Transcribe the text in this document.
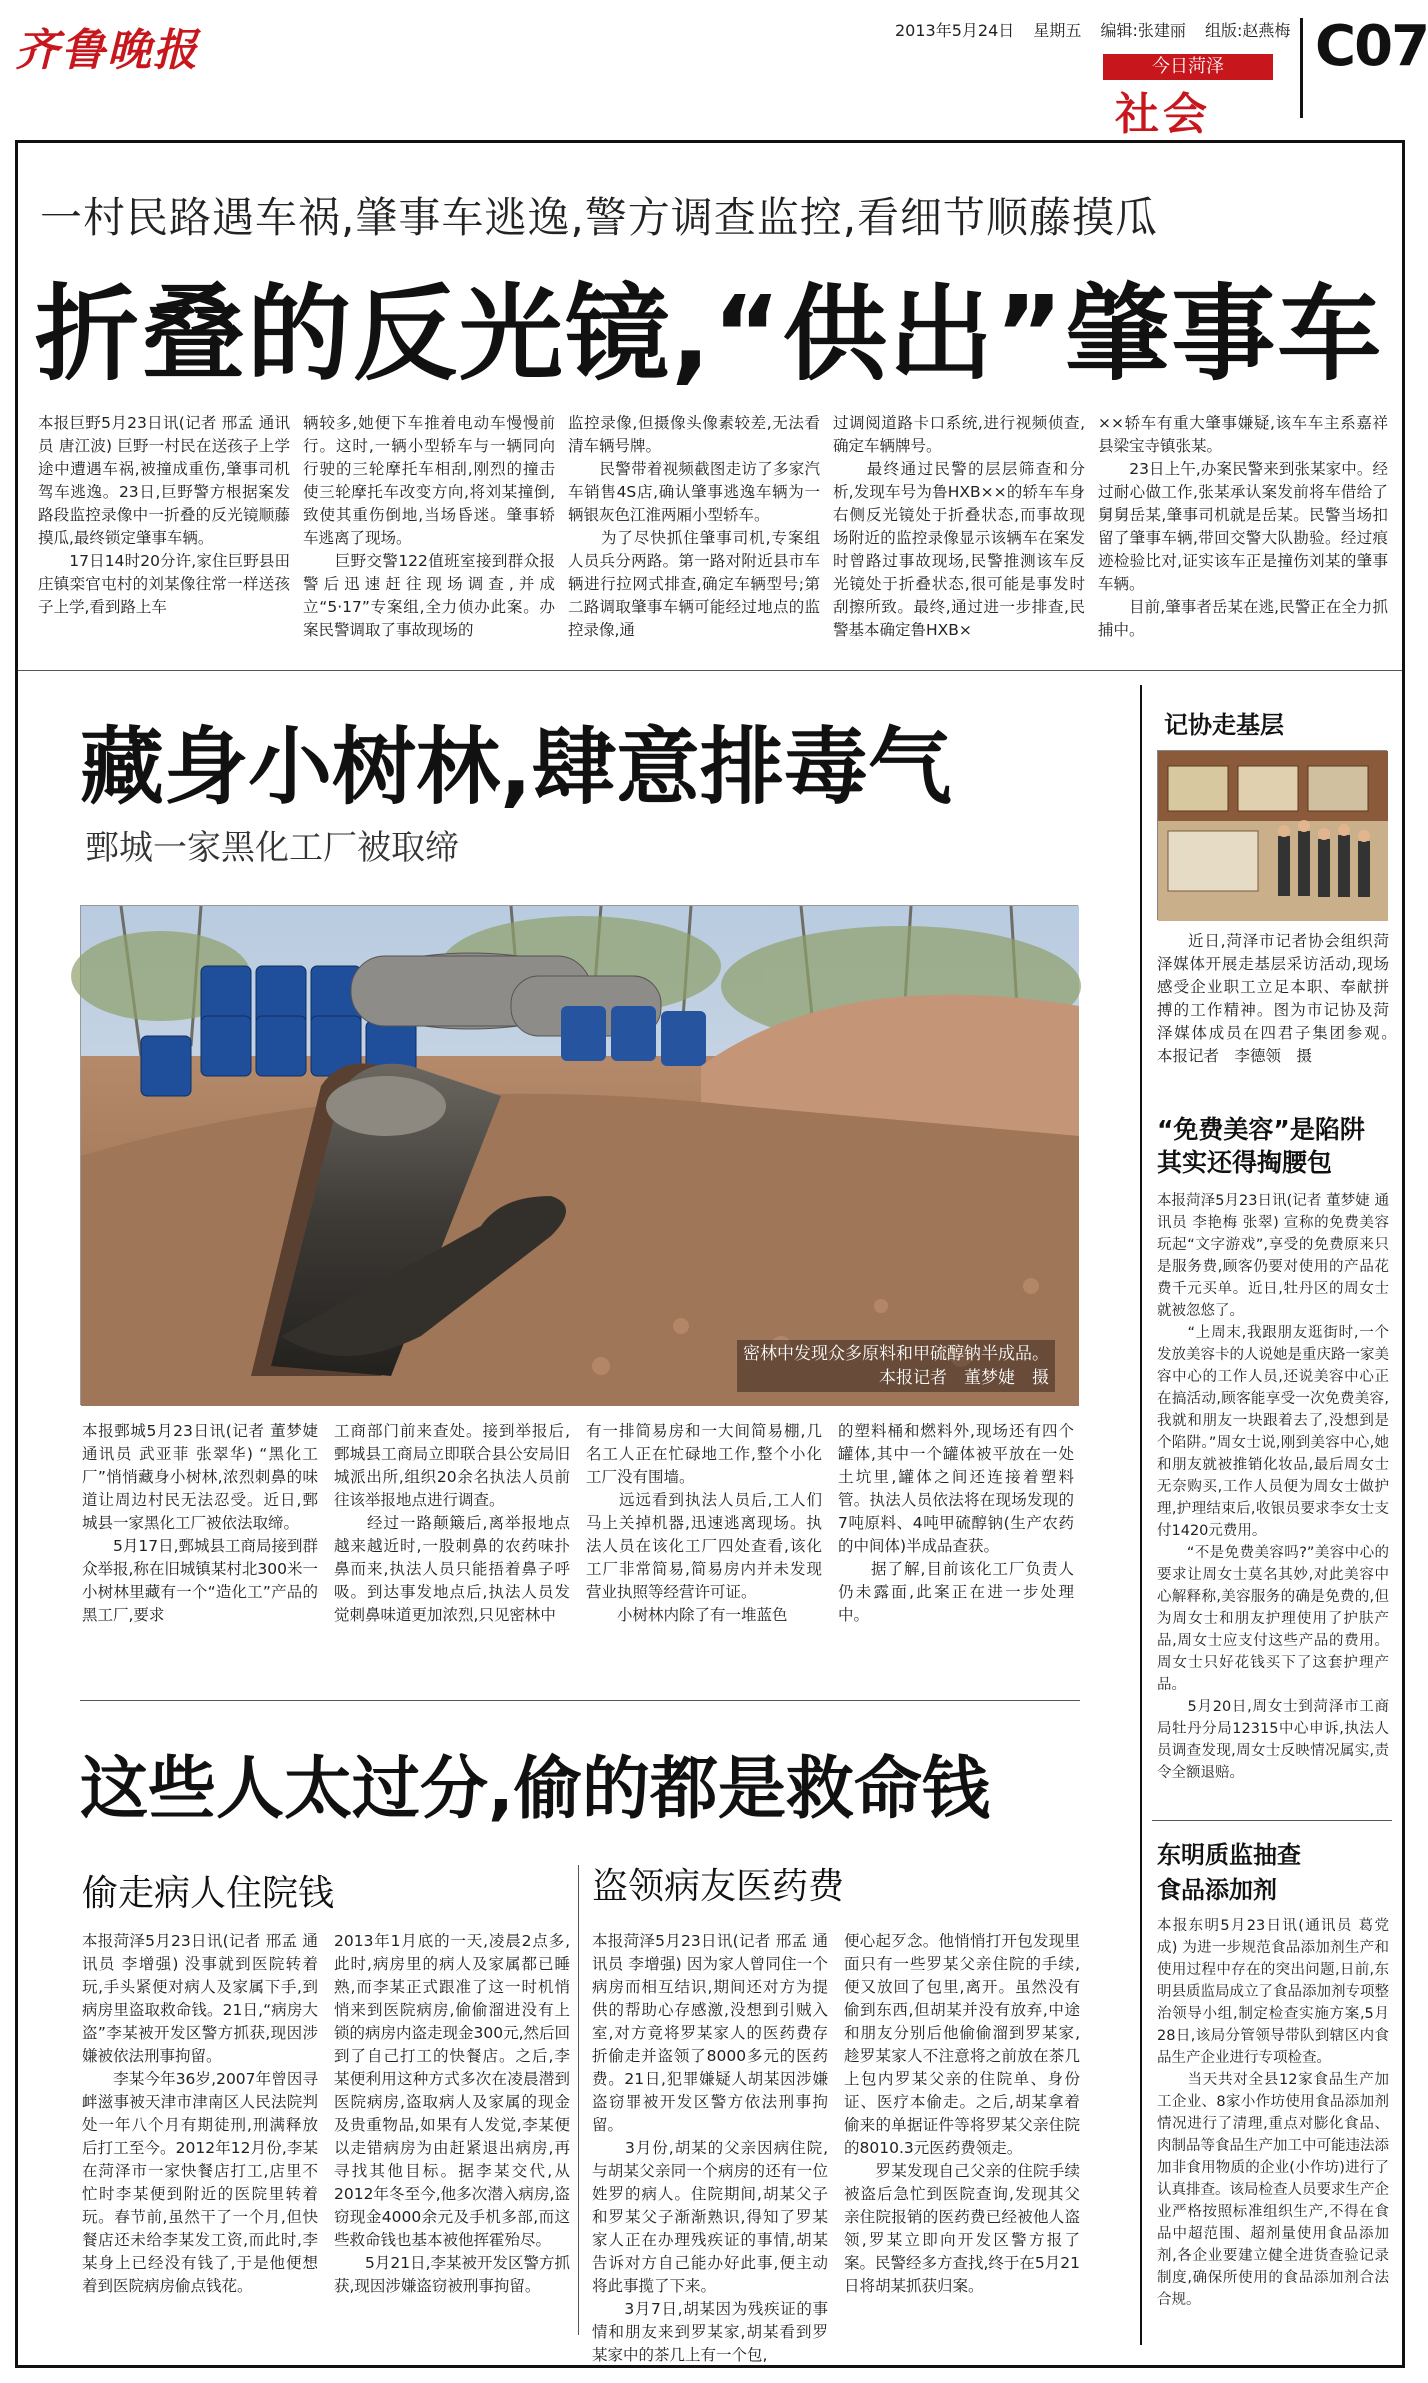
齐鲁晚报	2013年5月24日 星期五 编辑:张建丽 组版:赵燕梅
今日菏泽
社会
C07
一村民路遇车祸,肇事车逃逸,警方调查监控,看细节顺藤摸瓜
折叠的反光镜,“供出”肇事车
本报巨野5月23日讯(记者 邢孟 通讯员 唐江波) 巨野一村民在送孩子上学途中遭遇车祸,被撞成重伤,肇事司机驾车逃逸。23日,巨野警方根据案发路段监控录像中一折叠的反光镜顺藤摸瓜,最终锁定肇事车辆。
　　17日14时20分许,家住巨野县田庄镇栾官屯村的刘某像往常一样送孩子上学,看到路上车
辆较多,她便下车推着电动车慢慢前行。这时,一辆小型轿车与一辆同向行驶的三轮摩托车相刮,刚烈的撞击使三轮摩托车改变方向,将刘某撞倒,致使其重伤倒地,当场昏迷。肇事轿车逃离了现场。
　　巨野交警122值班室接到群众报警后迅速赶往现场调查,并成立“5·17”专案组,全力侦办此案。办案民警调取了事故现场的
监控录像,但摄像头像素较差,无法看清车辆号牌。
　　民警带着视频截图走访了多家汽车销售4S店,确认肇事逃逸车辆为一辆银灰色江淮两厢小型轿车。
　　为了尽快抓住肇事司机,专案组人员兵分两路。第一路对附近县市车辆进行拉网式排查,确定车辆型号;第二路调取肇事车辆可能经过地点的监控录像,通
过调阅道路卡口系统,进行视频侦查,确定车辆牌号。
　　最终通过民警的层层筛查和分析,发现车号为鲁HXB××的轿车车身右侧反光镜处于折叠状态,而事故现场附近的监控录像显示该辆车在案发时曾路过事故现场,民警推测该车反光镜处于折叠状态,很可能是事发时刮擦所致。最终,通过进一步排查,民警基本确定鲁HXB×
××轿车有重大肇事嫌疑,该车车主系嘉祥县梁宝寺镇张某。
　　23日上午,办案民警来到张某家中。经过耐心做工作,张某承认案发前将车借给了舅舅岳某,肇事司机就是岳某。民警当场扣留了肇事车辆,带回交警大队勘验。经过痕迹检验比对,证实该车正是撞伤刘某的肇事车辆。
　　目前,肇事者岳某在逃,民警正在全力抓捕中。
藏身小树林,肆意排毒气
鄄城一家黑化工厂被取缔
密林中发现众多原料和甲硫醇钠半成品。
本报记者　董梦婕　摄
本报鄄城5月23日讯(记者 董梦婕 通讯员 武亚菲 张翠华) “黑化工厂”悄悄藏身小树林,浓烈刺鼻的味道让周边村民无法忍受。近日,鄄城县一家黑化工厂被依法取缔。
　　5月17日,鄄城县工商局接到群众举报,称在旧城镇某村北300米一小树林里藏有一个“造化工”产品的黑工厂,要求
工商部门前来查处。接到举报后,鄄城县工商局立即联合县公安局旧城派出所,组织20余名执法人员前往该举报地点进行调查。
　　经过一路颠簸后,离举报地点越来越近时,一股刺鼻的农药味扑鼻而来,执法人员只能捂着鼻子呼吸。到达事发地点后,执法人员发觉刺鼻味道更加浓烈,只见密林中
有一排简易房和一大间简易棚,几名工人正在忙碌地工作,整个小化工厂没有围墙。
　　远远看到执法人员后,工人们马上关掉机器,迅速逃离现场。执法人员在该化工厂四处查看,该化工厂非常简易,简易房内并未发现营业执照等经营许可证。
　　小树林内除了有一堆蓝色
的塑料桶和燃料外,现场还有四个罐体,其中一个罐体被平放在一处土坑里,罐体之间还连接着塑料管。执法人员依法将在现场发现的7吨原料、4吨甲硫醇钠(生产农药的中间体)半成品查获。
　　据了解,目前该化工厂负责人仍未露面,此案正在进一步处理中。
这些人太过分,偷的都是救命钱
偷走病人住院钱	盗领病友医药费
本报菏泽5月23日讯(记者 邢孟 通讯员 李增强) 没事就到医院转着玩,手头紧便对病人及家属下手,到病房里盗取救命钱。21日,“病房大盗”李某被开发区警方抓获,现因涉嫌被依法刑事拘留。
　　李某今年36岁,2007年曾因寻衅滋事被天津市津南区人民法院判处一年八个月有期徒刑,刑满释放后打工至今。2012年12月份,李某在菏泽市一家快餐店打工,店里不忙时李某便到附近的医院里转着玩。春节前,虽然干了一个月,但快餐店还未给李某发工资,而此时,李某身上已经没有钱了,于是他便想着到医院病房偷点钱花。
2013年1月底的一天,凌晨2点多,此时,病房里的病人及家属都已睡熟,而李某正式跟准了这一时机悄悄来到医院病房,偷偷溜进没有上锁的病房内盗走现金300元,然后回到了自己打工的快餐店。之后,李某便利用这种方式多次在凌晨潜到医院病房,盗取病人及家属的现金及贵重物品,如果有人发觉,李某便以走错病房为由赶紧退出病房,再寻找其他目标。据李某交代,从2012年冬至今,他多次潜入病房,盗窃现金4000余元及手机多部,而这些救命钱也基本被他挥霍殆尽。
　　5月21日,李某被开发区警方抓获,现因涉嫌盗窃被刑事拘留。
本报菏泽5月23日讯(记者 邢孟 通讯员 李增强) 因为家人曾同住一个病房而相互结识,期间还对方为提供的帮助心存感激,没想到引贼入室,对方竟将罗某家人的医药费存折偷走并盗领了8000多元的医药费。21日,犯罪嫌疑人胡某因涉嫌盗窃罪被开发区警方依法刑事拘留。
　　3月份,胡某的父亲因病住院,与胡某父亲同一个病房的还有一位姓罗的病人。住院期间,胡某父子和罗某父子渐渐熟识,得知了罗某家人正在办理残疾证的事情,胡某告诉对方自己能办好此事,便主动将此事揽了下来。
　　3月7日,胡某因为残疾证的事情和朋友来到罗某家,胡某看到罗某家中的茶几上有一个包,
便心起歹念。他悄悄打开包发现里面只有一些罗某父亲住院的手续,便又放回了包里,离开。虽然没有偷到东西,但胡某并没有放弃,中途和朋友分别后他偷偷溜到罗某家,趁罗某家人不注意将之前放在茶几上包内罗某父亲的住院单、身份证、医疗本偷走。之后,胡某拿着偷来的单据证件等将罗某父亲住院的8010.3元医药费领走。
　　罗某发现自己父亲的住院手续被盗后急忙到医院查询,发现其父亲住院报销的医药费已经被他人盗领,罗某立即向开发区警方报了案。民警经多方查找,终于在5月21日将胡某抓获归案。
记协走基层
近日,菏泽市记者协会组织菏泽媒体开展走基层采访活动,现场感受企业职工立足本职、奉献拼搏的工作精神。图为市记协及菏泽媒体成员在四君子集团参观。　本报记者　李德领　摄
“免费美容”是陷阱
其实还得掏腰包
本报菏泽5月23日讯(记者 董梦婕 通讯员 李艳梅 张翠) 宣称的免费美容玩起“文字游戏”,享受的免费原来只是服务费,顾客仍要对使用的产品花费千元买单。近日,牡丹区的周女士就被忽悠了。
　　“上周末,我跟朋友逛街时,一个发放美容卡的人说她是重庆路一家美容中心的工作人员,还说美容中心正在搞活动,顾客能享受一次免费美容,我就和朋友一块跟着去了,没想到是个陷阱。”周女士说,刚到美容中心,她和朋友就被推销化妆品,最后周女士无奈购买,工作人员便为周女士做护理,护理结束后,收银员要求李女士支付1420元费用。
　　“不是免费美容吗?”美容中心的要求让周女士莫名其妙,对此美容中心解释称,美容服务的确是免费的,但为周女士和朋友护理使用了护肤产品,周女士应支付这些产品的费用。周女士只好花钱买下了这套护理产品。
　　5月20日,周女士到菏泽市工商局牡丹分局12315中心申诉,执法人员调查发现,周女士反映情况属实,责令全额退赔。
东明质监抽查
食品添加剂
本报东明5月23日讯(通讯员 葛党成) 为进一步规范食品添加剂生产和使用过程中存在的突出问题,日前,东明县质监局成立了食品添加剂专项整治领导小组,制定检查实施方案,5月28日,该局分管领导带队到辖区内食品生产企业进行专项检查。
　　当天共对全县12家食品生产加工企业、8家小作坊使用食品添加剂情况进行了清理,重点对膨化食品、肉制品等食品生产加工中可能违法添加非食用物质的企业(小作坊)进行了认真排查。该局检查人员要求生产企业严格按照标准组织生产,不得在食品中超范围、超剂量使用食品添加剂,各企业要建立健全进货查验记录制度,确保所使用的食品添加剂合法合规。
